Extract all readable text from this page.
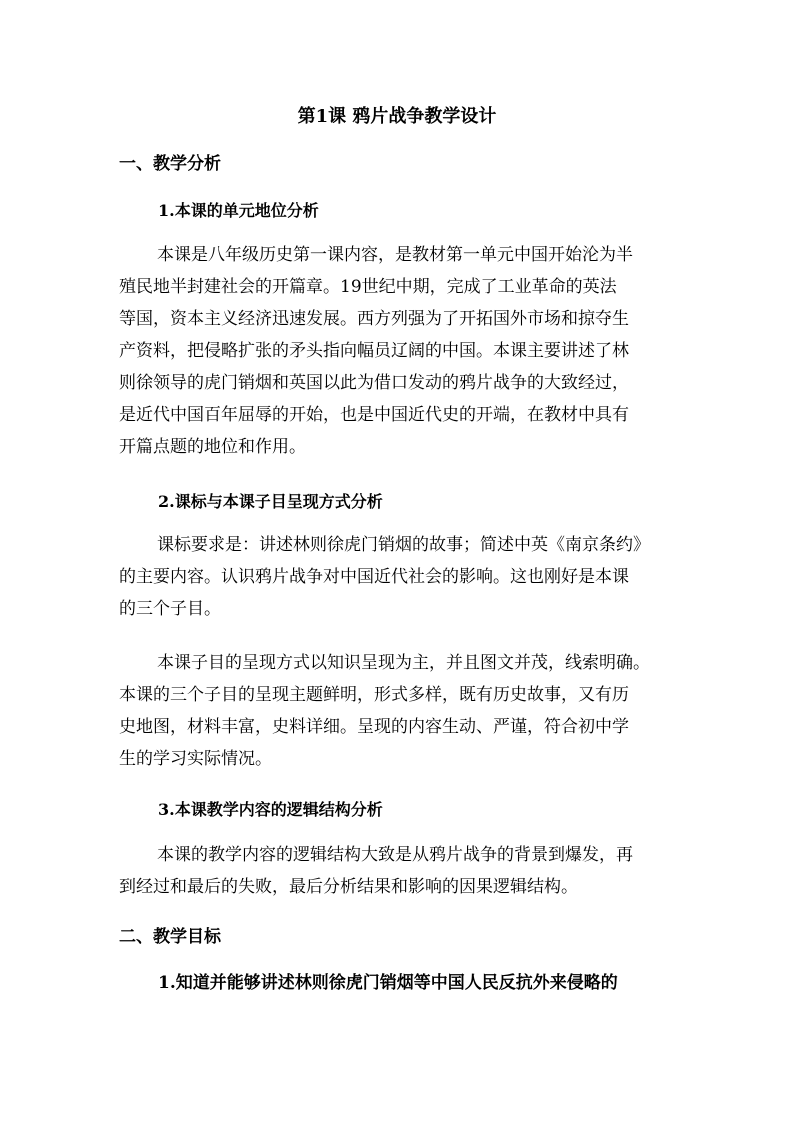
第1课 鸦片战争教学设计
一、教学分析
1.本课的单元地位分析

本课是八年级历史第一课内容，是教材第一单元中国开始沦为半
殖民地半封建社会的开篇章。19世纪中期，完成了工业革命的英法
等国，资本主义经济迅速发展。西方列强为了开拓国外市场和掠夺生
产资料，把侵略扩张的矛头指向幅员辽阔的中国。本课主要讲述了林
则徐领导的虎门销烟和英国以此为借口发动的鸦片战争的大致经过，
是近代中国百年屈辱的开始，也是中国近代史的开端，在教材中具有
开篇点题的地位和作用。

2.课标与本课子目呈现方式分析

课标要求是：讲述林则徐虎门销烟的故事；简述中英《南京条约》
的主要内容。认识鸦片战争对中国近代社会的影响。这也刚好是本课
的三个子目。

本课子目的呈现方式以知识呈现为主，并且图文并茂，线索明确。
本课的三个子目的呈现主题鲜明，形式多样，既有历史故事，又有历
史地图，材料丰富，史料详细。呈现的内容生动、严谨，符合初中学
生的学习实际情况。

3.本课教学内容的逻辑结构分析

本课的教学内容的逻辑结构大致是从鸦片战争的背景到爆发，再
到经过和最后的失败，最后分析结果和影响的因果逻辑结构。

二、教学目标
1.知道并能够讲述林则徐虎门销烟等中国人民反抗外来侵略的
